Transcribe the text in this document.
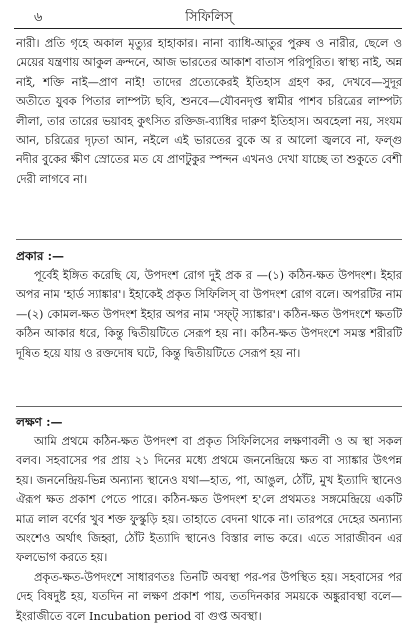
৬	সিফিলিস্‌

নারী। প্রতি গৃহে অকাল মৃত্যুর হাহাকার। নানা ব্যাধি-আতুর পুরুষ ও নারীর, ছেলে ও মেয়ের যন্ত্রণায় আকুল ক্রন্দনে, আজ ভারতের আকাশ বাতাস পরিপূরিত। স্বাস্থ্য নাই, অন্ন নাই, শক্তি নাই—প্রাণ নাই! তাদের প্রত্যেকেরই ইতিহাস গ্রহণ কর, দেখবে—সুদূর অতীতে যুবক পিতার লাম্পট্য ছবি, শুনবে—যৌবনদৃপ্ত স্বামীর পাশব চরিত্রের লাম্পট্য লীলা, তার তারের ভয়াবহ কুৎসিত রক্তিজ-ব্যাধির দারুণ ইতিহাস। অবহেলা নয়, সংযম আন, চরিত্রের দৃঢ়তা আন, নইলে এই ভারতের বুকে অ র আলো জ্বলবে না, ফল্গু নদীর বুকের ক্ষীণ স্রোতের মত যে প্রাণটুকুর স্পন্দন এখনও দেখা যাচ্ছে তা শুকুতে বেশী দেরী লাগবে না।

প্রকার :—

পূর্বেই ইঙ্গিত করেছি যে, উপদংশ রোগ দুই প্রক র —(১) কঠিন-ক্ষত উপদংশ। ইহার অপর নাম 'হার্ড স্যাঙ্কার'। ইহাকেই প্রকৃত সিফিলিস্ বা উপদংশ রোগ বলে। অপরটির নাম—(২) কোমল-ক্ষত উপদংশ ইহার অপর নাম 'সফ্‌ট্‌ স্যাঙ্কার'। কঠিন-ক্ষত উপদংশে ক্ষতটি কঠিন আকার ধরে, কিন্তু দ্বিতীয়টিতে সেরূপ হয় না। কঠিন-ক্ষত উপদংশে সমস্ত শরীরটি দূষিত হয়ে যায় ও রক্তদোষ ঘটে, কিন্তু দ্বিতীয়টিতে সেরূপ হয় না।

লক্ষণ :—

আমি প্রথমে কঠিন-ক্ষত উপদংশ বা প্রকৃত সিফিলিসের লক্ষণাবলী ও অ স্থা সকল বলব। সহবাসের পর প্রায় ২১ দিনের মধ্যে প্রথমে জননেন্দ্রিয়ে ক্ষত বা স্যাঙ্কার উৎপন্ন হয়। জননেন্দ্রিয়-ভিন্ন অন্যান্য স্থানেও যথা—হাত, পা, আঙুল, ঠোঁট, মুখ ইত্যাদি স্থানেও ঐরূপ ক্ষত প্রকাশ পেতে পারে। কঠিন-ক্ষত উপদংশ হ'লে প্রথমতঃ সঙ্গমেন্দ্রিয়ে একটি মাত্র লাল বর্ণের খুব শক্ত ফুস্কুড়ি হয়। তাহাতে বেদনা থাকে না। তারপরে দেহের অন্যান্য অংশেও অর্থাৎ জিহ্বা, ঠোঁট ইত্যাদি স্থানেও বিস্তার লাভ করে। এতে সারাজীবন এর ফলভোগ করতে হয়।

প্রকৃত-ক্ষত-উপদংশে সাধারণতঃ তিনটি অবস্থা পর-পর উপস্থিত হয়। সহবাসের পর দেহ বিষদুষ্ট হয়, যতদিন না লক্ষণ প্রকাশ পায়, ততদিনকার সময়কে অঙ্কুরাবস্থা বলে—ইংরাজীতে বলে Incubation period বা গুপ্ত অবস্থা।
